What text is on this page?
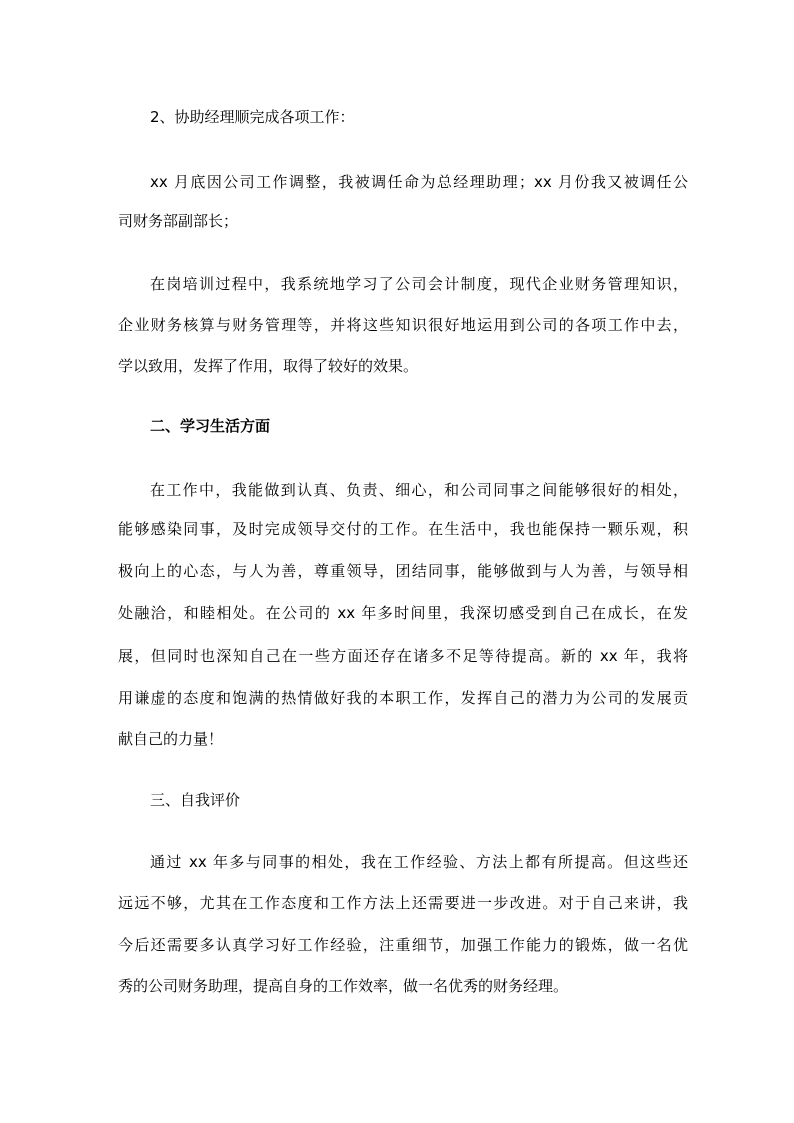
2、协助经理顺完成各项工作：
xx 月底因公司工作调整，我被调任命为总经理助理；xx 月份我又被调任公
司财务部副部长；
在岗培训过程中，我系统地学习了公司会计制度，现代企业财务管理知识，
企业财务核算与财务管理等，并将这些知识很好地运用到公司的各项工作中去，
学以致用，发挥了作用，取得了较好的效果。
二、学习生活方面
在工作中，我能做到认真、负责、细心，和公司同事之间能够很好的相处，
能够感染同事，及时完成领导交付的工作。在生活中，我也能保持一颗乐观，积
极向上的心态，与人为善，尊重领导，团结同事，能够做到与人为善，与领导相
处融洽，和睦相处。在公司的 xx 年多时间里，我深切感受到自己在成长，在发
展，但同时也深知自己在一些方面还存在诸多不足等待提高。新的 xx 年，我将
用谦虚的态度和饱满的热情做好我的本职工作，发挥自己的潜力为公司的发展贡
献自己的力量！
三、自我评价
通过 xx 年多与同事的相处，我在工作经验、方法上都有所提高。但这些还
远远不够，尤其在工作态度和工作方法上还需要进一步改进。对于自己来讲，我
今后还需要多认真学习好工作经验，注重细节，加强工作能力的锻炼，做一名优
秀的公司财务助理，提高自身的工作效率，做一名优秀的财务经理。
